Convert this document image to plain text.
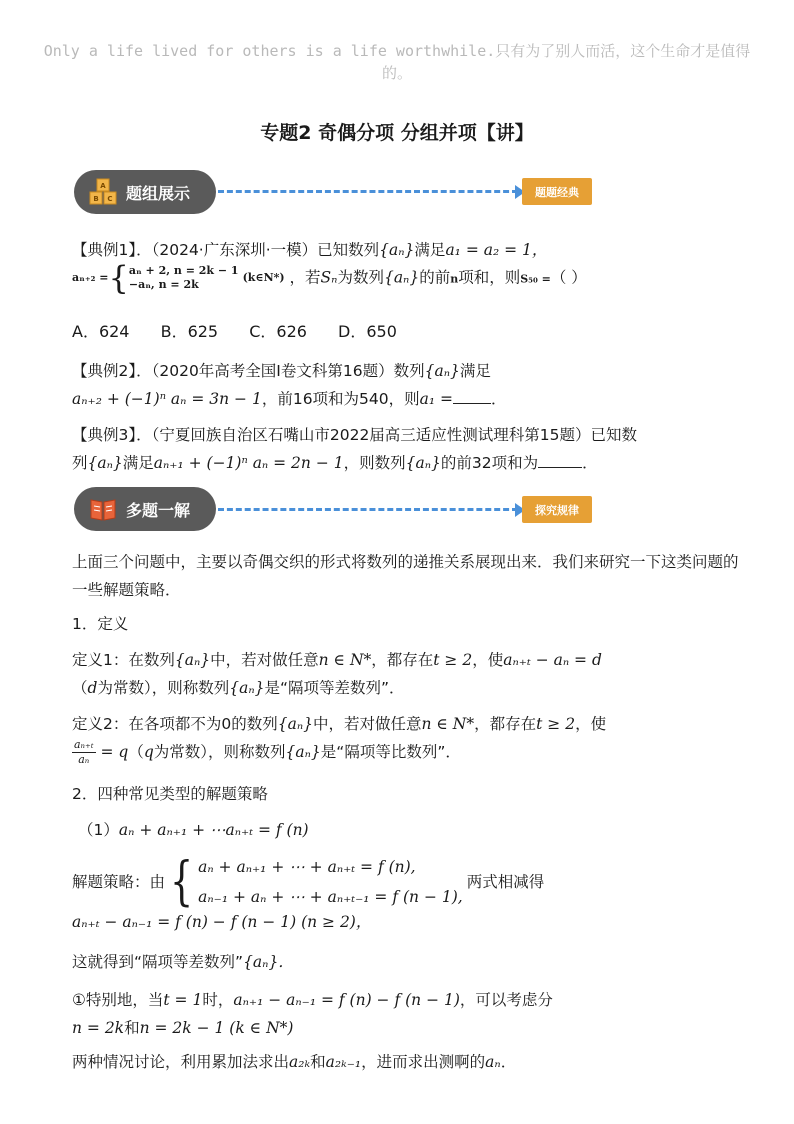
Only a life lived for others is a life worthwhile.只有为了别人而活，这个生命才是值得的。
专题2 奇偶分项 分组并项【讲】
A
B C 题组展示	题题经典
【典例1】．（2024·广东深圳·一模）已知数列{aₙ}满足a₁ = a₂ = 1，
aₙ₊₂ = { aₙ + 2, n = 2k − 1
−aₙ, n = 2k
(k∈N*) ，若Sₙ为数列{aₙ}的前n项和，则S₅₀ =（ ）
A．624 B．625 C．626 D．650
【典例2】．（2020年高考全国Ⅰ卷文科第16题）数列{aₙ}满足
aₙ₊₂ + (−1)ⁿ aₙ = 3n − 1，前16项和为540，则a₁ = ．
【典例3】．（宁夏回族自治区石嘴山市2022届高三适应性测试理科第15题）已知数
列{aₙ}满足aₙ₊₁ + (−1)ⁿ aₙ = 2n − 1，则数列{aₙ}的前32项和为	．
多题一解	探究规律
上面三个问题中，主要以奇偶交织的形式将数列的递推关系展现出来．我们来研究一下这类问题的一些解题策略．
1．定义
定义1：在数列{aₙ}中，若对做任意n ∈ N*，都存在t ≥ 2，使aₙ₊ₜ − aₙ = d
（d为常数），则称数列{aₙ}是“隔项等差数列”．
定义2：在各项都不为0的数列{aₙ}中，若对做任意n ∈ N*，都存在t ≥ 2，使

$\frac{\text{aₙ₊ₜ}}{\text{aₙ}} = q(q$为常数），则称数列{aₙ}是“隔项等比数列”．
2．四种常见类型的解题策略
（1）aₙ + aₙ₊₁ + ⋯aₙ₊ₜ = f (n)
解题策略：由 { aₙ + aₙ₊₁ + ⋯ + aₙ₊ₜ = f (n),
aₙ₋₁ + aₙ + ⋯ + aₙ₊ₜ₋₁ = f (n − 1),
两式相减得
aₙ₊ₜ − aₙ₋₁ = f (n) − f (n − 1) (n ≥ 2)，
这就得到“隔项等差数列”{aₙ}．
①特别地，当t = 1时，aₙ₊₁ − aₙ₋₁ = f (n) − f (n − 1)，可以考虑分
n = 2k和n = 2k − 1 (k ∈ N*)
两种情况讨论，利用累加法求出a₂ₖ和a₂ₖ₋₁，进而求出测啊的aₙ．
